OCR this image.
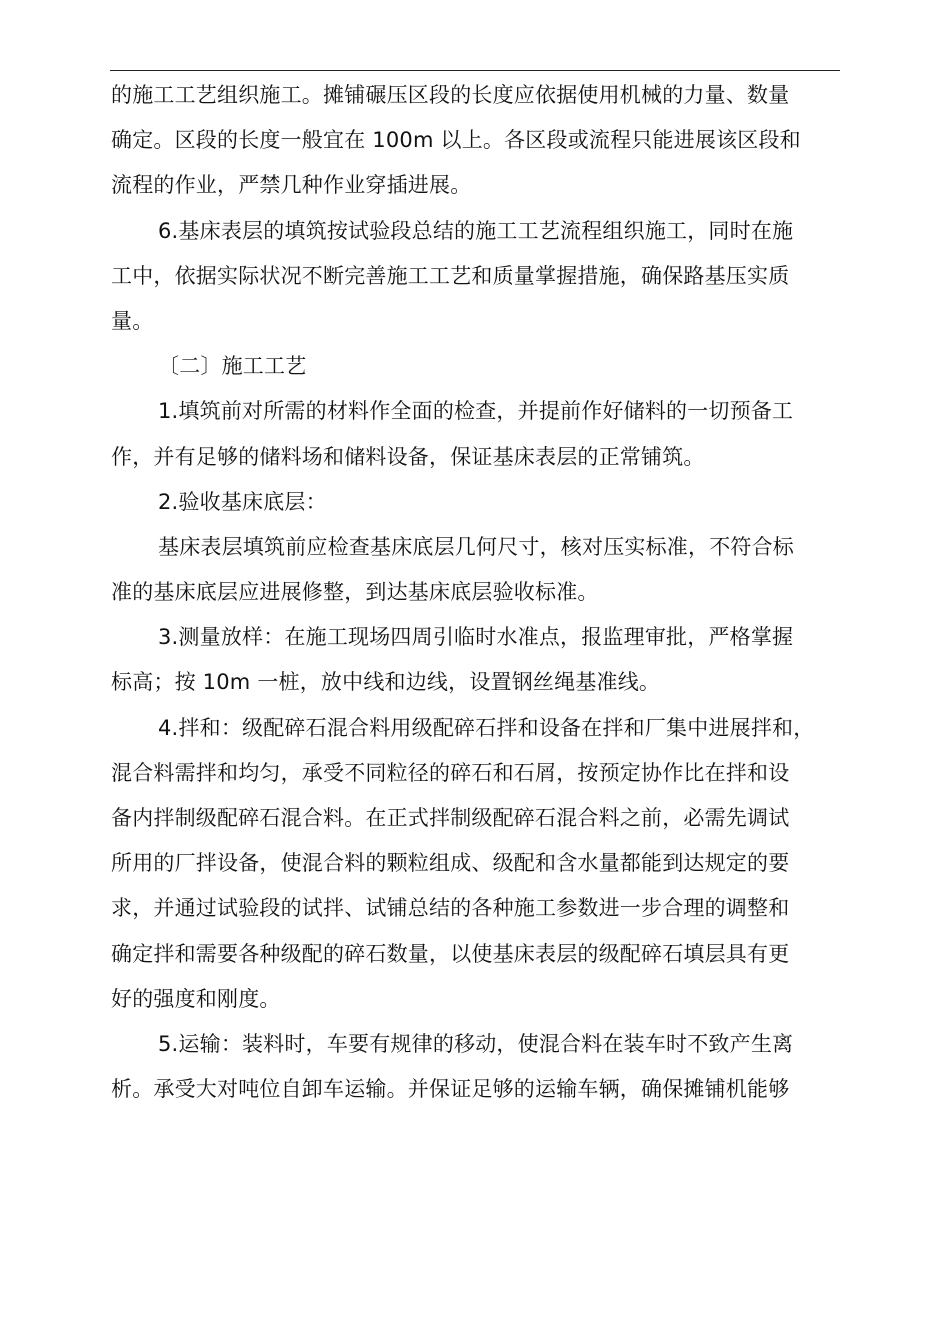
的施工工艺组织施工。摊铺碾压区段的长度应依据使用机械的力量、数量
确定。区段的长度一般宜在 100m 以上。各区段或流程只能进展该区段和
流程的作业，严禁几种作业穿插进展。
6.基床表层的填筑按试验段总结的施工工艺流程组织施工，同时在施
工中，依据实际状况不断完善施工工艺和质量掌握措施，确保路基压实质
量。
〔二〕施工工艺
1.填筑前对所需的材料作全面的检查，并提前作好储料的一切预备工
作，并有足够的储料场和储料设备，保证基床表层的正常铺筑。
2.验收基床底层：
基床表层填筑前应检查基床底层几何尺寸，核对压实标准，不符合标
准的基床底层应进展修整，到达基床底层验收标准。
3.测量放样：在施工现场四周引临时水准点，报监理审批，严格掌握
标高；按 10m 一桩，放中线和边线，设置钢丝绳基准线。
4.拌和：级配碎石混合料用级配碎石拌和设备在拌和厂集中进展拌和，
混合料需拌和均匀，承受不同粒径的碎石和石屑，按预定协作比在拌和设
备内拌制级配碎石混合料。在正式拌制级配碎石混合料之前，必需先调试
所用的厂拌设备，使混合料的颗粒组成、级配和含水量都能到达规定的要
求，并通过试验段的试拌、试铺总结的各种施工参数进一步合理的调整和
确定拌和需要各种级配的碎石数量，以使基床表层的级配碎石填层具有更
好的强度和刚度。
5.运输：装料时，车要有规律的移动，使混合料在装车时不致产生离
析。承受大对吨位自卸车运输。并保证足够的运输车辆，确保摊铺机能够
